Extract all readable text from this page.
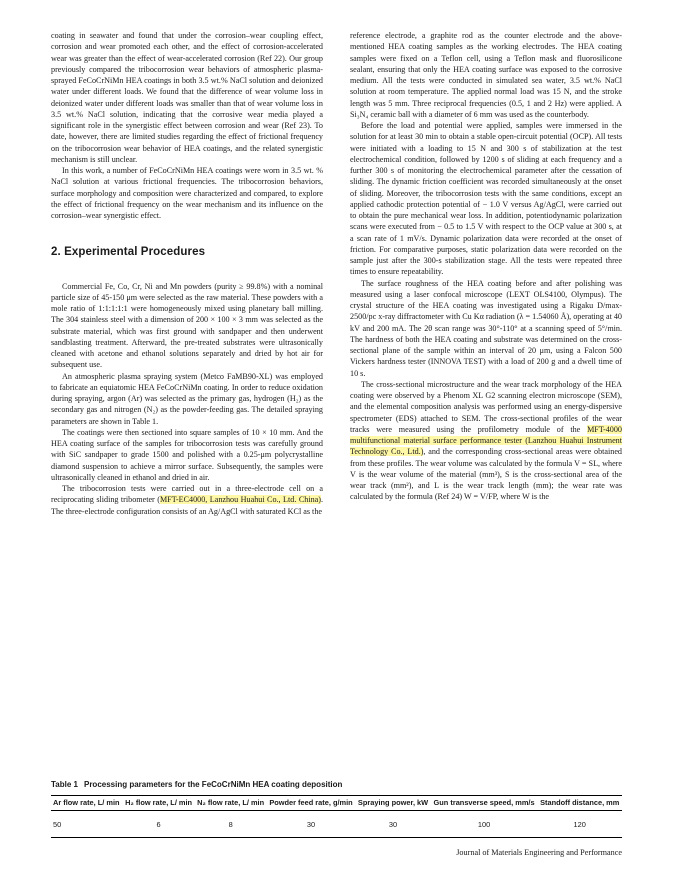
coating in seawater and found that under the corrosion–wear coupling effect, corrosion and wear promoted each other, and the effect of corrosion-accelerated wear was greater than the effect of wear-accelerated corrosion (Ref 22). Our group previously compared the tribocorrosion wear behaviors of atmospheric plasma-sprayed FeCoCrNiMn HEA coatings in both 3.5 wt.% NaCl solution and deionized water under different loads. We found that the difference of wear volume loss in deionized water under different loads was smaller than that of wear volume loss in 3.5 wt.% NaCl solution, indicating that the corrosive wear media played a significant role in the synergistic effect between corrosion and wear (Ref 23). To date, however, there are limited studies regarding the effect of frictional frequency on the tribocorrosion wear behavior of HEA coatings, and the related synergistic mechanism is still unclear.

In this work, a number of FeCoCrNiMn HEA coatings were worn in 3.5 wt. % NaCl solution at various frictional frequencies. The tribocorrosion behaviors, surface morphology and composition were characterized and compared, to explore the effect of frictional frequency on the wear mechanism and its influence on the corrosion–wear synergistic effect.

2. Experimental Procedures

Commercial Fe, Co, Cr, Ni and Mn powders (purity ≥ 99.8%) with a nominal particle size of 45-150 μm were selected as the raw material. These powders with a mole ratio of 1:1:1:1:1 were homogeneously mixed using planetary ball milling. The 304 stainless steel with a dimension of 200 × 100 × 3 mm was selected as the substrate material, which was first ground with sandpaper and then underwent sandblasting treatment. Afterward, the pre-treated substrates were ultrasonically cleaned with acetone and ethanol solutions separately and dried by hot air for subsequent use.

An atmospheric plasma spraying system (Metco FaMB90-XL) was employed to fabricate an equiatomic HEA FeCoCrNiMn coating. In order to reduce oxidation during spraying, argon (Ar) was selected as the primary gas, hydrogen (H₂) as the secondary gas and nitrogen (N₂) as the powder-feeding gas. The detailed spraying parameters are shown in Table 1.

The coatings were then sectioned into square samples of 10 × 10 mm. And the HEA coating surface of the samples for tribocorrosion tests was carefully ground with SiC sandpaper to grade 1500 and polished with a 0.25-μm polycrystalline diamond suspension to achieve a mirror surface. Subsequently, the samples were ultrasonically cleaned in ethanol and dried in air.

The tribocorrosion tests were carried out in a three-electrode cell on a reciprocating sliding tribometer (MFT-EC4000, Lanzhou Huahui Co., Ltd. China). The three-electrode configuration consists of an Ag/AgCl with saturated KCl as the

reference electrode, a graphite rod as the counter electrode and the above-mentioned HEA coating samples as the working electrodes. The HEA coating samples were fixed on a Teflon cell, using a Teflon mask and fluorosilicone sealant, ensuring that only the HEA coating surface was exposed to the corrosive medium. All the tests were conducted in simulated sea water, 3.5 wt.% NaCl solution at room temperature. The applied normal load was 15 N, and the stroke length was 5 mm. Three reciprocal frequencies (0.5, 1 and 2 Hz) were applied. A Si₃N₄ ceramic ball with a diameter of 6 mm was used as the counterbody.

Before the load and potential were applied, samples were immersed in the solution for at least 30 min to obtain a stable open-circuit potential (OCP). All tests were initiated with a loading to 15 N and 300 s of stabilization at the test electrochemical condition, followed by 1200 s of sliding at each frequency and a further 300 s of monitoring the electrochemical parameter after the cessation of sliding. The dynamic friction coefficient was recorded simultaneously at the onset of sliding. Moreover, the tribocorrosion tests with the same conditions, except an applied cathodic protection potential of − 1.0 V versus Ag/AgCl, were carried out to obtain the pure mechanical wear loss. In addition, potentiodynamic polarization scans were executed from − 0.5 to 1.5 V with respect to the OCP value at 300 s, at a scan rate of 1 mV/s. Dynamic polarization data were recorded at the onset of friction. For comparative purposes, static polarization data were recorded on the sample just after the 300-s stabilization stage. All the tests were repeated three times to ensure repeatability.

The surface roughness of the HEA coating before and after polishing was measured using a laser confocal microscope (LEXT OLS4100, Olympus). The crystal structure of the HEA coating was investigated using a Rigaku D/max-2500/pc x-ray diffractometer with Cu Kα radiation (λ = 1.54060 Å), operating at 40 kV and 200 mA. The 2θ scan range was 30°-110° at a scanning speed of 5°/min. The hardness of both the HEA coating and substrate was determined on the cross-sectional plane of the sample within an interval of 20 μm, using a Falcon 500 Vickers hardness tester (INNOVA TEST) with a load of 200 g and a dwell time of 10 s.

The cross-sectional microstructure and the wear track morphology of the HEA coating were observed by a Phenom XL G2 scanning electron microscope (SEM), and the elemental composition analysis was performed using an energy-dispersive spectrometer (EDS) attached to SEM. The cross-sectional profiles of the wear tracks were measured using the profilometry module of the MFT-4000 multifunctional material surface performance tester (Lanzhou Huahui Instrument Technology Co., Ltd.), and the corresponding cross-sectional areas were obtained from these profiles. The wear volume was calculated by the formula V = SL, where V is the wear volume of the material (mm³), S is the cross-sectional area of the wear track (mm²), and L is the wear track length (mm); the wear rate was calculated by the formula (Ref 24) W = V/FP, where W is the

Table 1 Processing parameters for the FeCoCrNiMn HEA coating deposition
Ar flow rate, L/ min	H₂ flow rate, L/ min	N₂ flow rate, L/ min	Powder feed rate, g/min	Spraying power, kW	Gun transverse speed, mm/s	Standoff distance, mm
50	6	8	30	30	100	120
Journal of Materials Engineering and Performance
